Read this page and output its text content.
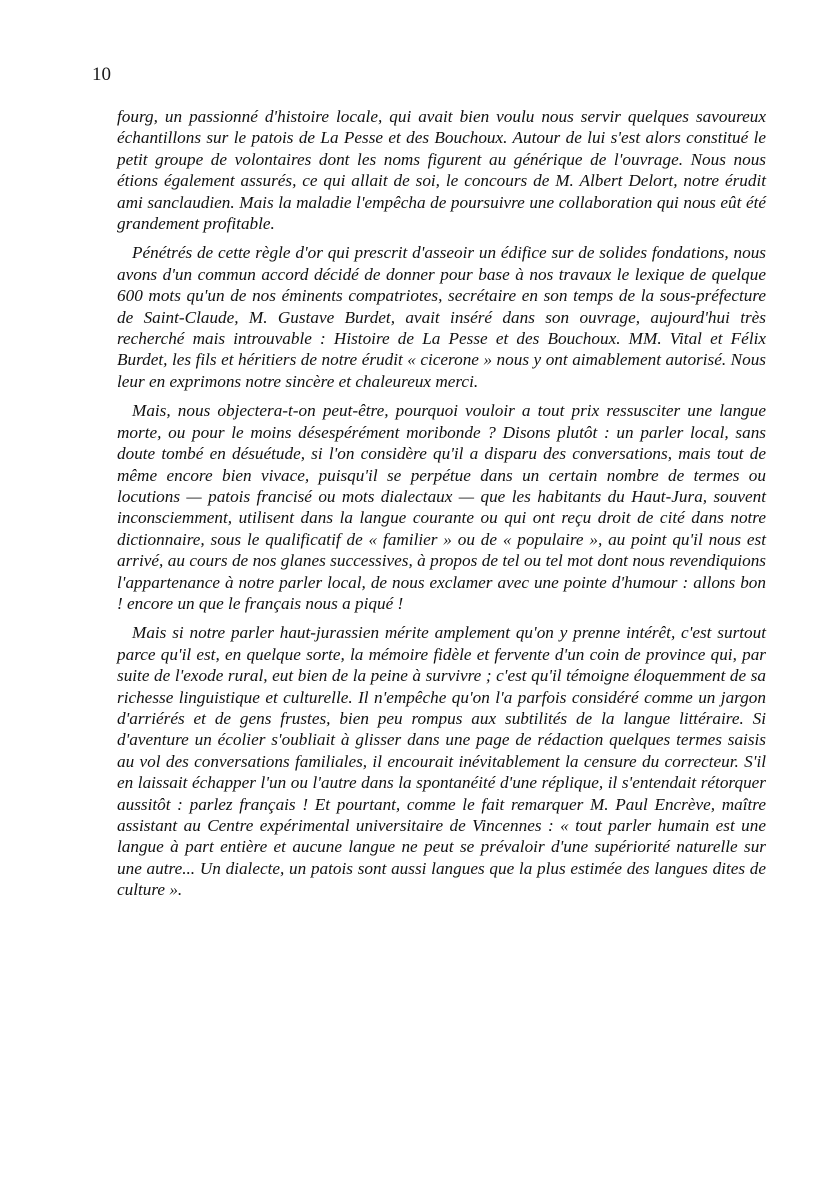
10

fourg, un passionné d'histoire locale, qui avait bien voulu nous servir quelques savoureux échantillons sur le patois de La Pesse et des Bouchoux. Autour de lui s'est alors constitué le petit groupe de volontaires dont les noms figurent au générique de l'ouvrage. Nous nous étions également assurés, ce qui allait de soi, le concours de M. Albert Delort, notre érudit ami sanclaudien. Mais la maladie l'empêcha de poursuivre une collaboration qui nous eût été grandement profitable.

Pénétrés de cette règle d'or qui prescrit d'asseoir un édifice sur de solides fondations, nous avons d'un commun accord décidé de donner pour base à nos travaux le lexique de quelque 600 mots qu'un de nos éminents compatriotes, secrétaire en son temps de la sous-préfecture de Saint-Claude, M. Gustave Burdet, avait inséré dans son ouvrage, aujourd'hui très recherché mais introuvable : Histoire de La Pesse et des Bouchoux. MM. Vital et Félix Burdet, les fils et héritiers de notre érudit « cicerone » nous y ont aimablement autorisé. Nous leur en exprimons notre sincère et chaleureux merci.

Mais, nous objectera-t-on peut-être, pourquoi vouloir a tout prix ressusciter une langue morte, ou pour le moins désespérément moribonde ? Disons plutôt : un parler local, sans doute tombé en désuétude, si l'on considère qu'il a disparu des conversations, mais tout de même encore bien vivace, puisqu'il se perpétue dans un certain nombre de termes ou locutions — patois francisé ou mots dialectaux — que les habitants du Haut-Jura, souvent inconsciemment, utilisent dans la langue courante ou qui ont reçu droit de cité dans notre dictionnaire, sous le qualificatif de « familier » ou de « populaire », au point qu'il nous est arrivé, au cours de nos glanes successives, à propos de tel ou tel mot dont nous revendiquions l'appartenance à notre parler local, de nous exclamer avec une pointe d'humour : allons bon ! encore un que le français nous a piqué !

Mais si notre parler haut-jurassien mérite amplement qu'on y prenne intérêt, c'est surtout parce qu'il est, en quelque sorte, la mémoire fidèle et fervente d'un coin de province qui, par suite de l'exode rural, eut bien de la peine à survivre ; c'est qu'il témoigne éloquemment de sa richesse linguistique et culturelle. Il n'empêche qu'on l'a parfois considéré comme un jargon d'arriérés et de gens frustes, bien peu rompus aux subtilités de la langue littéraire. Si d'aventure un écolier s'oubliait à glisser dans une page de rédaction quelques termes saisis au vol des conversations familiales, il encourait inévitablement la censure du correcteur. S'il en laissait échapper l'un ou l'autre dans la spontanéité d'une réplique, il s'entendait rétorquer aussitôt : parlez français ! Et pourtant, comme le fait remarquer M. Paul Encrève, maître assistant au Centre expérimental universitaire de Vincennes : « tout parler humain est une langue à part entière et aucune langue ne peut se prévaloir d'une supériorité naturelle sur une autre... Un dialecte, un patois sont aussi langues que la plus estimée des langues dites de culture ».
